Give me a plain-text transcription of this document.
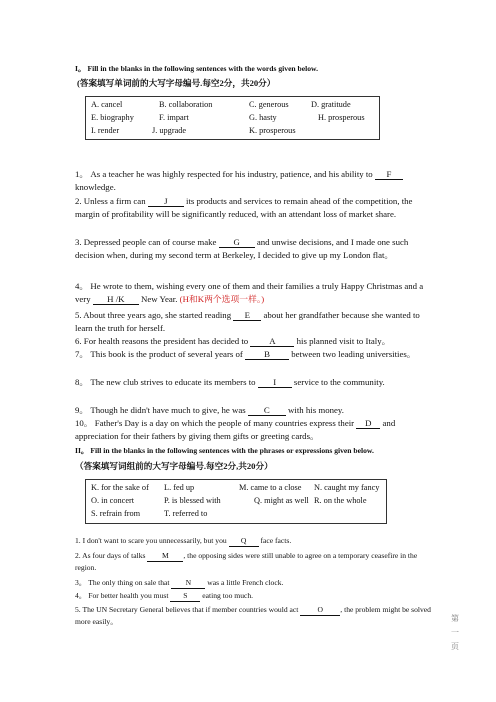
I。 Fill in the blanks in the following sentences with the words given below.
(答案填写单词前的大写字母编号.每空2分，共20分）
A. cancel	B. collaboration	C. generous	D. gratitude
E. biography	F. impart	G. hasty	H. prosperous
I. render	J. upgrade	K. prosperous
1。 As a teacher he was highly respected for his industry, patience, and his ability to F knowledge.
2. Unless a firm can J its products and services to remain ahead of the competition, the margin of profitability will be significantly reduced, with an attendant loss of market share.
3. Depressed people can of course make G and unwise decisions, and I made one such decision when, during my second term at Berkeley, I decided to give up my London flat。
4。 He wrote to them, wishing every one of them and their families a truly Happy Christmas and a very H /K New Year. (H和K两个选项一样。)
5. About three years ago, she started reading E about her grandfather because she wanted to learn the truth for herself.
6. For health reasons the president has decided to A his planned visit to Italy。
7。 This book is the product of several years of B between two leading universities。
8。 The new club strives to educate its members to I service to the community.
9。 Though he didn't have much to give, he was C with his money.
10。 Father's Day is a day on which the people of many countries express their D and appreciation for their fathers by giving them gifts or greeting cards。
II。 Fill in the blanks in the following sentences with the phrases or expressions given below.
（答案填写词组前的大写字母编号.每空2分,共20分）
K. for the sake of L. fed up	M. came to a close N. caught my fancy
O. in concert	P. is blessed with	Q. might as well R. on the whole
S. refrain from	T. referred to
1. I don't want to scare you unnecessarily, but you Q face facts.
2. As four days of talks M , the opposing sides were still unable to agree on a temporary ceasefire in the region.
3。 The only thing on sale that N was a little French clock.
4。 For better health you must S eating too much.
5. The UN Secretary General believes that if member countries would act O , the problem might be solved more easily。	第
一
页
